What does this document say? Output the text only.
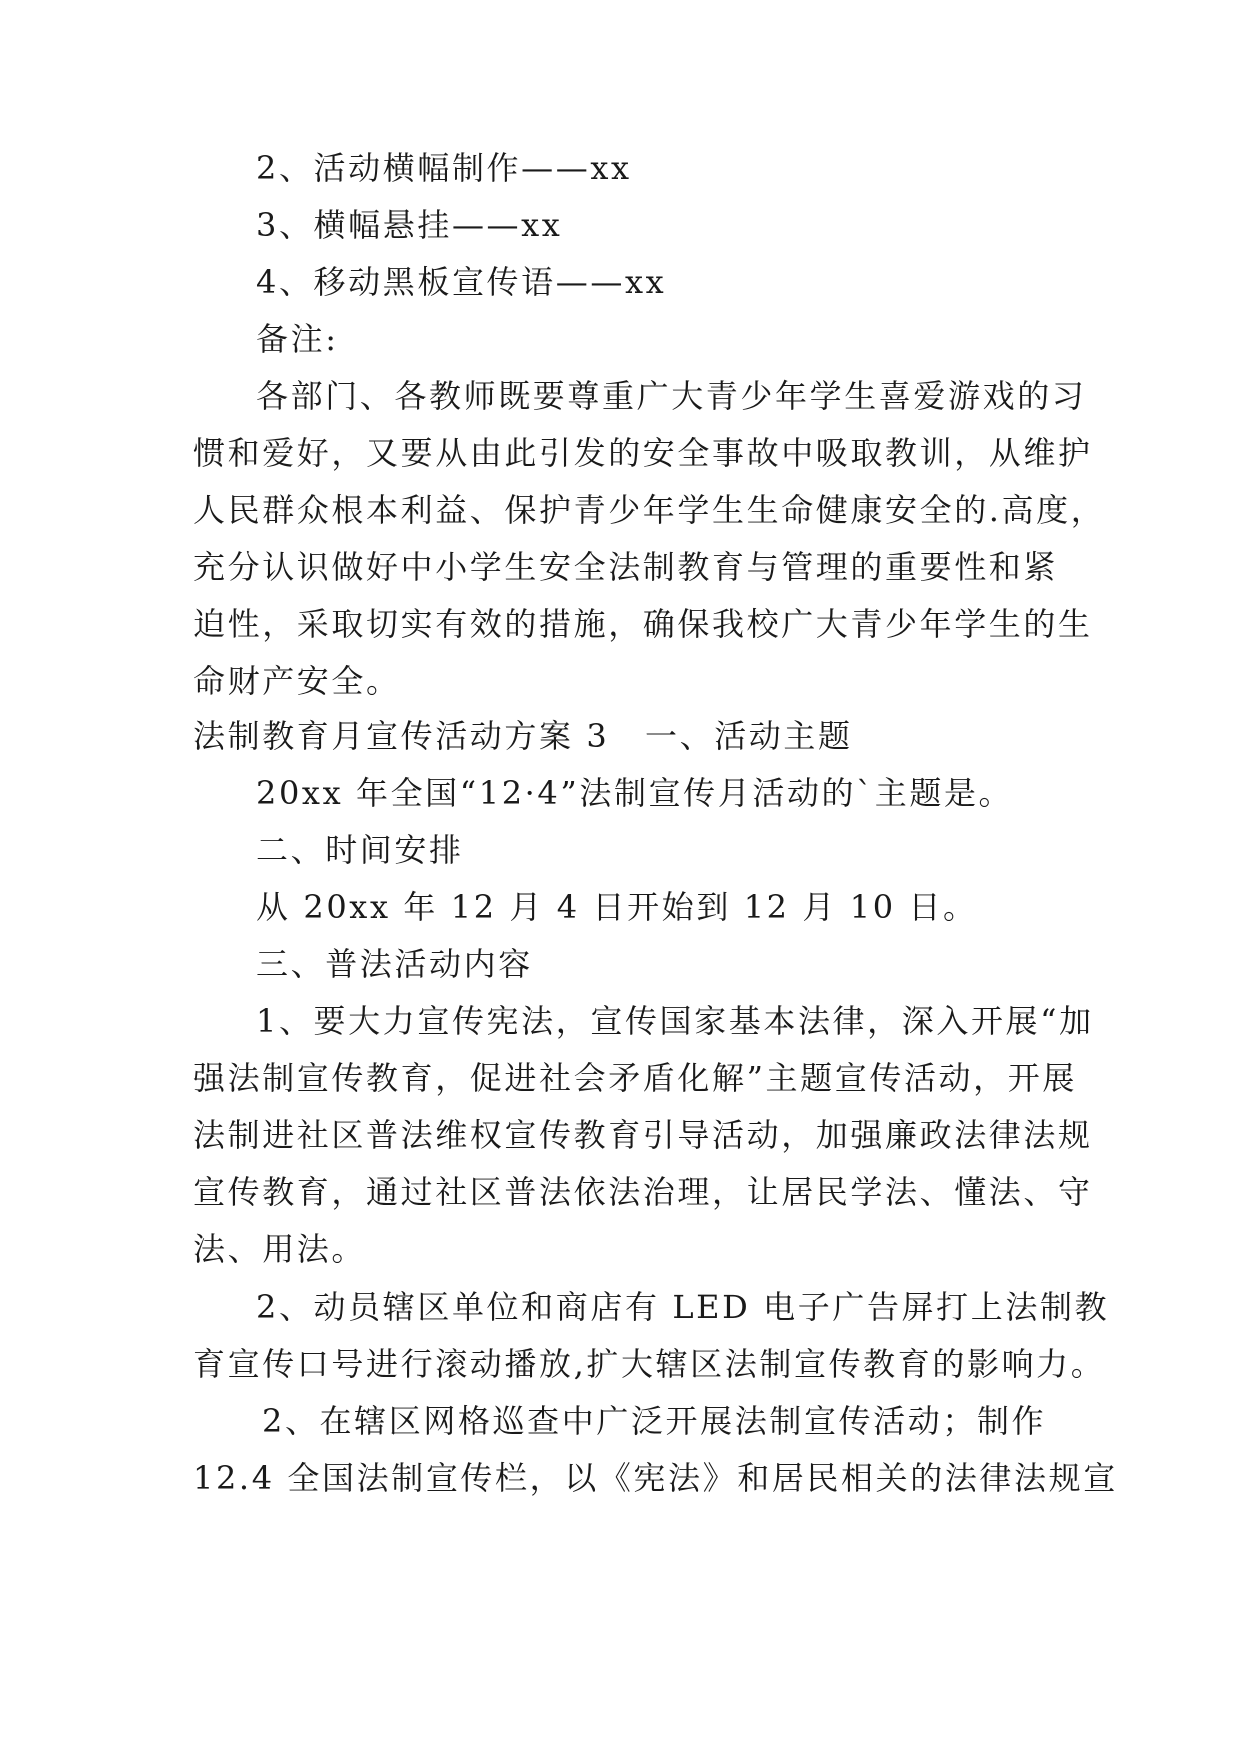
2、活动横幅制作——xx
3、横幅悬挂——xx
4、移动黑板宣传语——xx
备注:
各部门、各教师既要尊重广大青少年学生喜爱游戏的习
惯和爱好，又要从由此引发的安全事故中吸取教训，从维护
人民群众根本利益、保护青少年学生生命健康安全的.高度，
充分认识做好中小学生安全法制教育与管理的重要性和紧
迫性，采取切实有效的措施，确保我校广大青少年学生的生
命财产安全。
法制教育月宣传活动方案 3	一、活动主题
20xx 年全国“12·4”法制宣传月活动的`主题是。
二、时间安排
从 20xx 年 12 月 4 日开始到 12 月 10 日。
三、普法活动内容
1、要大力宣传宪法，宣传国家基本法律，深入开展“加
强法制宣传教育，促进社会矛盾化解”主题宣传活动，开展
法制进社区普法维权宣传教育引导活动，加强廉政法律法规
宣传教育，通过社区普法依法治理，让居民学法、懂法、守
法、用法。
2、动员辖区单位和商店有 LED 电子广告屏打上法制教
育宣传口号进行滚动播放,扩大辖区法制宣传教育的影响力。
2、在辖区网格巡查中广泛开展法制宣传活动；制作
12.4 全国法制宣传栏，以《宪法》和居民相关的法律法规宣
